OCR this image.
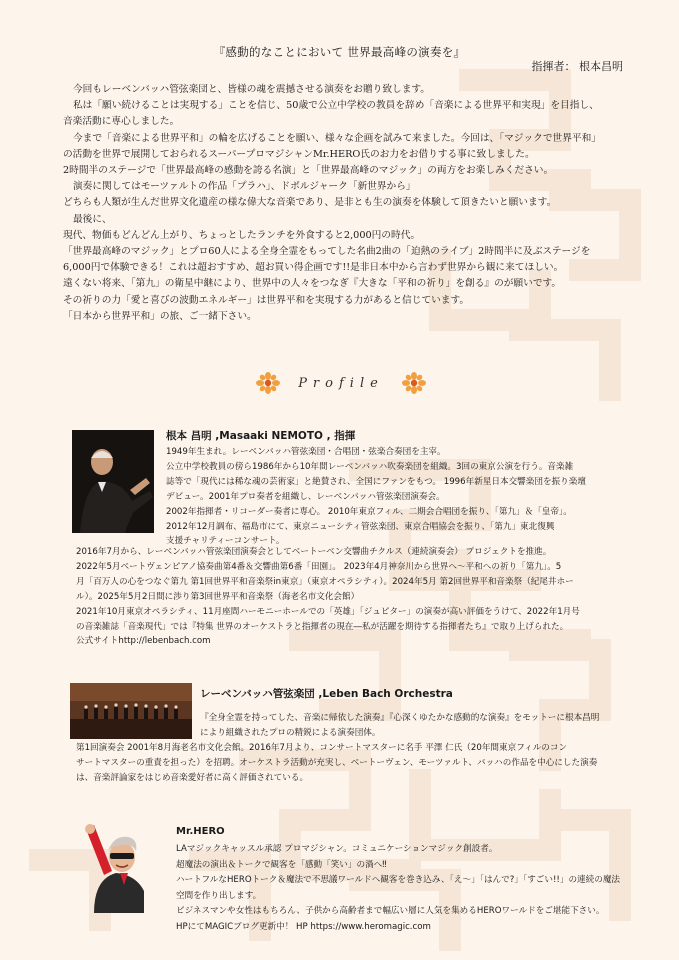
『感動的なことにおいて 世界最高峰の演奏を』
指揮者： 根本昌明

今回もレーベンバッハ管弦楽団と、皆様の魂を震撼させる演奏をお贈り致します。

私は「願い続けることは実現する」ことを信じ、50歳で公立中学校の教員を辞め「音楽による世界平和実現」を目指し、

音楽活動に専心しました。

今まで「音楽による世界平和」の輪を広げることを願い、様々な企画を試みて来ました。今回は、「マジックで世界平和」

の活動を世界で展開しておられるスーパープロマジシャンMr.HERO氏のお力をお借りする事に致しました。

2時間半のステージで「世界最高峰の感動を誇る名演」と「世界最高峰のマジック」の両方をお楽しみください。

演奏に関してはモーツァルトの作品「プラハ」、ドボルジャーク「新世界から」

どちらも人類が生んだ世界文化遺産の様な偉大な音楽であり、是非とも生の演奏を体験して頂きたいと願います。

最後に、

現代、物価もどんどん上がり、ちょっとしたランチを外食すると2,000円の時代。

「世界最高峰のマジック」とプロ60人による全身全霊をもってした名曲2曲の「迫熱のライブ」2時間半に及ぶステージを

6,000円で体験できる！これは超おすすめ、超お買い得企画です!!是非日本中から言わず世界から観に来てほしい。

遠くない将来、「第九」の衛星中継により、世界中の人々をつなぎ『大きな「平和の祈り」を創る』のが願いです。

その祈りの力「愛と喜びの波動エネルギー」は世界平和を実現する力があると信じています。

「日本から世界平和」の旅、ご一緒下さい。

Profile
根本 昌明 ,Masaaki NEMOTO , 指揮

1949年生まれ。レーベンバッハ管弦楽団・合唱団・弦楽合奏団を主宰。

公立中学校教員の傍ら1986年から10年間レーベンバッハ吹奏楽団を組織。3回の東京公演を行う。音楽雑

誌等で「現代には稀な魂の芸術家」と絶賛され、全国にファンをもつ。 1996年新星日本交響楽団を振り楽壇

デビュー。2001年プロ奏者を組織し、レーベンバッハ管弦楽団演奏会。

2002年指揮者・リコーダー奏者に専心。 2010年東京フィル、二期会合唱団を振り、「第九」＆「皇帝」。

2012年12月調布、福島市にて、東京ニューシティ管弦楽団、東京合唱協会を振り、「第九」東北復興

支援チャリティーコンサート。

2016年7月から、レーベンバッハ管弦楽団演奏会としてベートーベン交響曲チクルス（連続演奏会） プロジェクトを推進。

2022年5月ベートヴェンピアノ協奏曲第4番＆交響曲第6番「田園」。 2023年4月神奈川から世界へ～平和への祈り「第九」。5

月「百万人の心をつなぐ第九 第1回世界平和音楽祭in東京」（東京オペラシティ）。2024年5月 第2回世界平和音楽祭（紀尾井ホー

ル）。2025年5月2日間に渉り第3回世界平和音楽祭（海老名市文化会館）

2021年10月東京オペラシティ、11月座間ハーモニーホールでの「英雄」「ジュピター」の演奏が高い評価をうけて、2022年1月号

の音楽雑誌「音楽現代」では『特集 世界のオーケストラと指揮者の現在―私が活躍を期待する指揮者たち』で取り上げられた。

公式サイトhttp://lebenbach.com

レーベンバッハ管弦楽団 ,Leben Bach Orchestra

『全身全霊を持ってした、音楽に帰依した演奏』『心深くゆたかな感動的な演奏』をモットーに根本昌明

により組織されたプロの精鋭による演奏団体。

第1回演奏会 2001年8月海老名市文化会館。2016年7月より、コンサートマスターに名手 平澤 仁氏（20年間東京フィルのコン

サートマスターの重責を担った）を招聘。オーケストラ活動が充実し、ベートーヴェン、モーツァルト、バッハの作品を中心にした演奏

は、音楽評論家をはじめ音楽愛好者に高く評価されている。

Mr.HERO

LAマジックキャッスル承認 プロマジシャン。コミュニケーションマジック創設者。

超魔法の演出＆トークで観客を「感動「笑い」の渦へ‼

ハートフルなHEROトーク＆魔法で不思議ワールドへ観客を巻き込み、「え～」「はんで?」「すごい!!」の連続の魔法

空間を作り出します。

ビジネスマンや女性はもちろん、子供から高齢者まで幅広い層に人気を集めるHEROワールドをご堪能下さい。

HPにてMAGICブログ更新中！ HP https://www.heromagic.com
